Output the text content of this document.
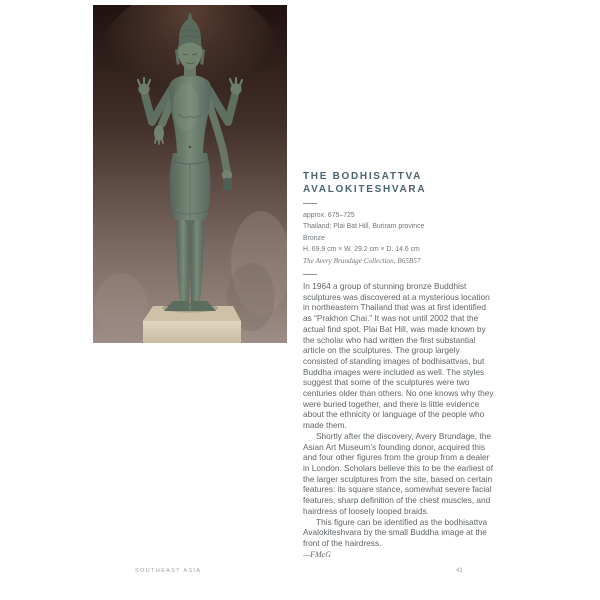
THE BODHISATTVA AVALOKITESHVARA
approx. 675–725
Thailand; Plai Bat Hill, Buriram province
Bronze
H. 69.9 cm × W. 29.2 cm × D. 14.6 cm
The Avery Brundage Collection, B65B57

In 1964 a group of stunning bronze Buddhist sculptures was discovered at a mysterious location in northeastern Thailand that was at first identified as “Prakhon Chai.” It was not until 2002 that the actual find spot, Plai Bat Hill, was made known by the scholar who had written the first substantial article on the sculptures. The group largely consisted of standing images of bodhisattvas, but Buddha images were included as well. The styles suggest that some of the sculptures were two centuries older than others. No one knows why they were buried together, and there is little evidence about the ethnicity or language of the people who made them.

Shortly after the discovery, Avery Brundage, the Asian Art Museum’s founding donor, acquired this and four other figures from the group from a dealer in London. Scholars believe this to be the earliest of the larger sculptures from the site, based on certain features: its square stance, somewhat severe facial features, sharp definition of the chest muscles, and hairdress of loosely looped braids.

This figure can be identified as the bodhisattva Avalokiteshvara by the small Buddha image at the front of the hairdress.

—FMcG
SOUTHEAST ASIA	41
